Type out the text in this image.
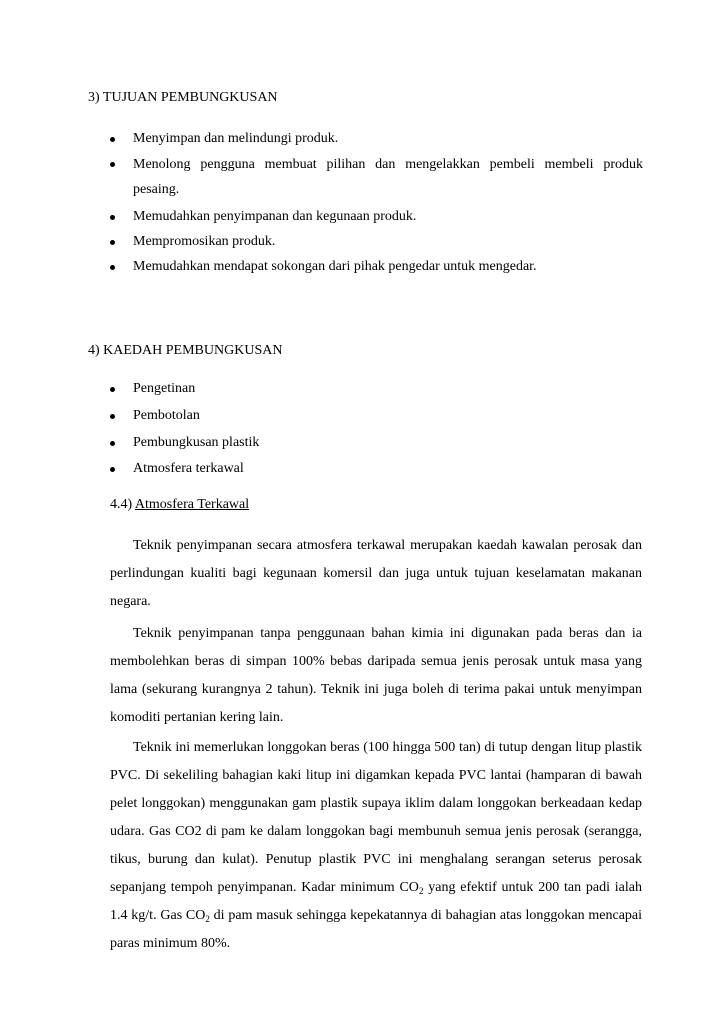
3) TUJUAN PEMBUNGKUSAN
Menyimpan dan melindungi produk.
Menolong pengguna membuat pilihan dan mengelakkan pembeli membeli produk
pesaing.
Memudahkan penyimpanan dan kegunaan produk.
Mempromosikan produk.
Memudahkan mendapat sokongan dari pihak pengedar untuk mengedar.
4) KAEDAH PEMBUNGKUSAN
Pengetinan
Pembotolan
Pembungkusan plastik
Atmosfera terkawal
4.4) Atmosfera Terkawal

Teknik penyimpanan secara atmosfera terkawal merupakan kaedah kawalan perosak dan perlindungan kualiti bagi kegunaan komersil dan juga untuk tujuan keselamatan makanan negara.

Teknik penyimpanan tanpa penggunaan bahan kimia ini digunakan pada beras dan ia membolehkan beras di simpan 100% bebas daripada semua jenis perosak untuk masa yang lama (sekurang kurangnya 2 tahun). Teknik ini juga boleh di terima pakai untuk menyimpan komoditi pertanian kering lain.

Teknik ini memerlukan longgokan beras (100 hingga 500 tan) di tutup dengan litup plastik PVC. Di sekeliling bahagian kaki litup ini digamkan kepada PVC lantai (hamparan di bawah pelet longgokan) menggunakan gam plastik supaya iklim dalam longgokan berkeadaan kedap udara. Gas CO2 di pam ke dalam longgokan bagi membunuh semua jenis perosak (serangga, tikus, burung dan kulat). Penutup plastik PVC ini menghalang serangan seterus perosak sepanjang tempoh penyimpanan. Kadar minimum $CO_2$ yang efektif untuk 200 tan padi ialah 1.4 kg/t. Gas $CO_2$ di pam masuk sehingga kepekatannya di bahagian atas longgokan mencapai paras minimum 80%.
